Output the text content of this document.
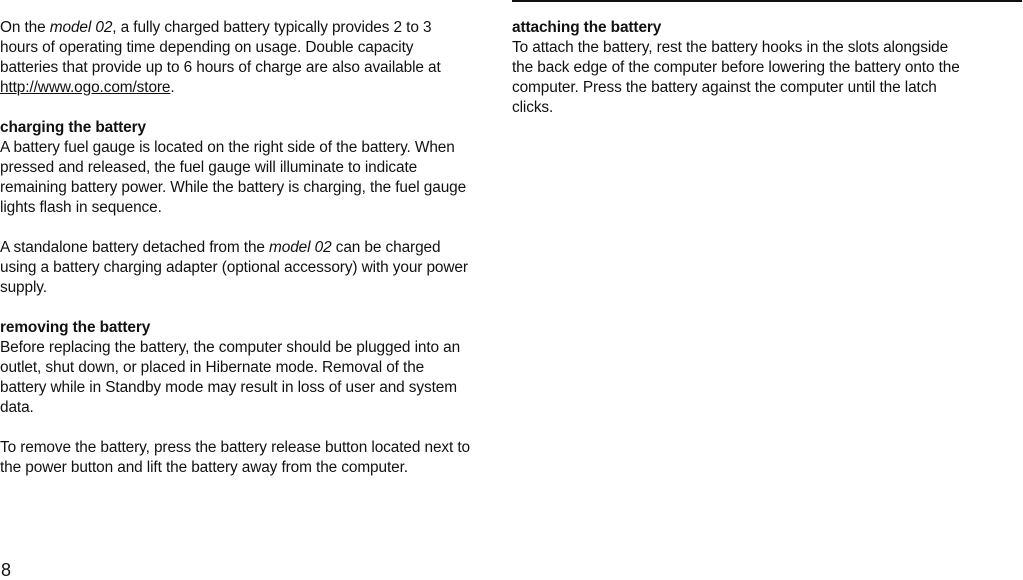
On the model 02, a fully charged battery typically provides 2 to 3 hours of operating time depending on usage. Double capacity batteries that provide up to 6 hours of charge are also available at http://www.ogo.com/store.

charging the battery

A battery fuel gauge is located on the right side of the battery. When pressed and released, the fuel gauge will illuminate to indicate remaining battery power. While the battery is charging, the fuel gauge lights flash in sequence.

A standalone battery detached from the model 02 can be charged using a battery charging adapter (optional accessory) with your power supply.

removing the battery

Before replacing the battery, the computer should be plugged into an outlet, shut down, or placed in Hibernate mode. Removal of the battery while in Standby mode may result in loss of user and system data.

To remove the battery, press the battery release button located next to the power button and lift the battery away from the computer.

attaching the battery

To attach the battery, rest the battery hooks in the slots alongside the back edge of the computer before lowering the battery onto the computer. Press the battery against the computer until the latch clicks.

8
